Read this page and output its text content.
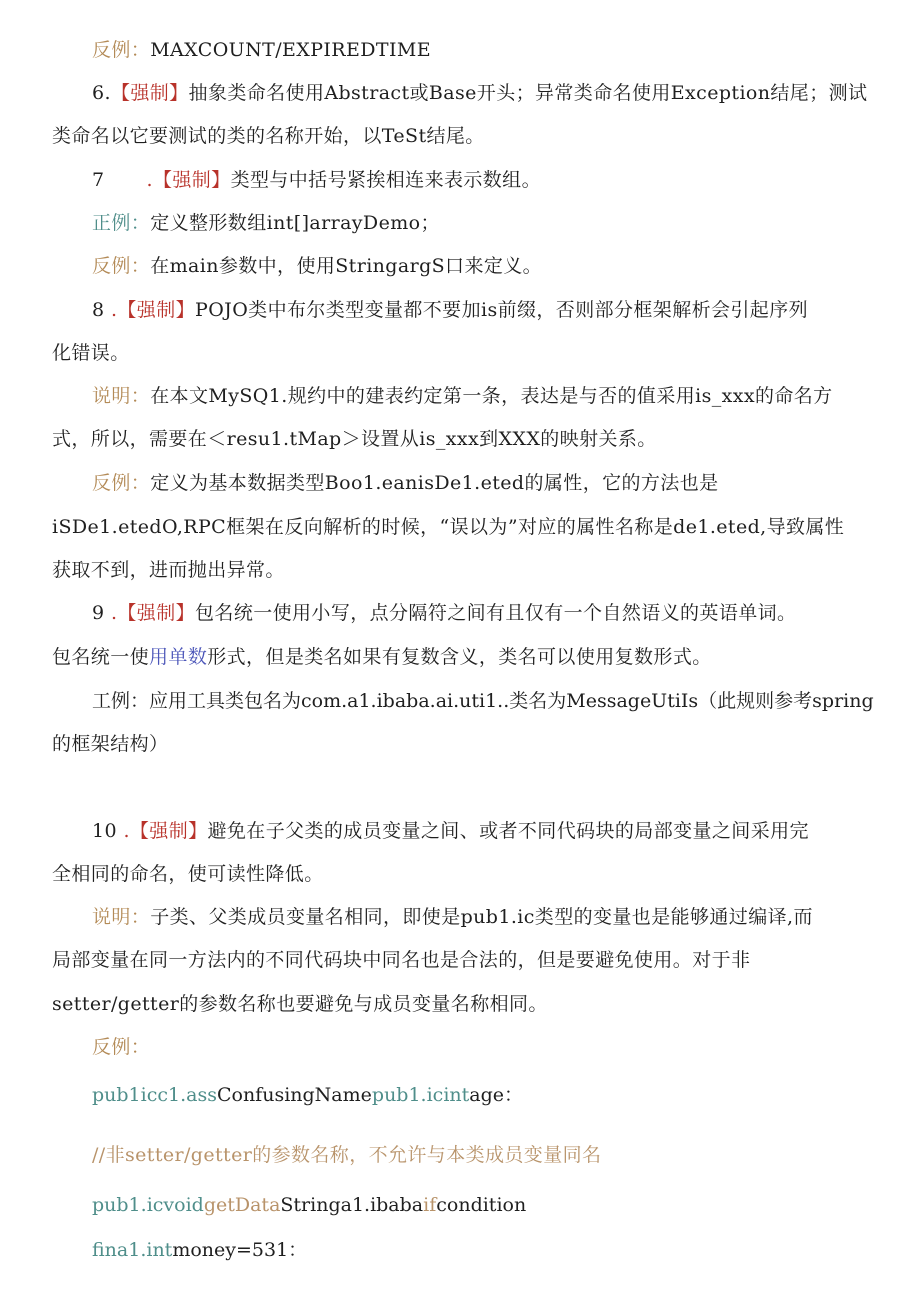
反例：MAXCOUNT/EXPIREDTIME
6.【强制】抽象类命名使用Abstract或Base开头；异常类命名使用Exception结尾；测试
类命名以它要测试的类的名称开始，以TeSt结尾。
7 .【强制】类型与中括号紧挨相连来表示数组。
正例：定义整形数组int[]arrayDemo；
反例：在main参数中，使用StringargS口来定义。
8 .【强制】POJO类中布尔类型变量都不要加is前缀，否则部分框架解析会引起序列
化错误。
说明：在本文MySQ1.规约中的建表约定第一条，表达是与否的值采用is_xxx的命名方
式，所以，需要在＜resu1.tMap＞设置从is_xxx到XXX的映射关系。
反例：定义为基本数据类型Boo1.eanisDe1.eted的属性，它的方法也是
iSDe1.etedO,RPC框架在反向解析的时候，“误以为”对应的属性名称是de1.eted,导致属性
获取不到，进而抛出异常。
9 .【强制】包名统一使用小写，点分隔符之间有且仅有一个自然语义的英语单词。
包名统一使用单数形式，但是类名如果有复数含义，类名可以使用复数形式。
工例：应用工具类包名为com.a1.ibaba.ai.uti1..类名为MessageUtiIs（此规则参考spring
的框架结构）
10 .【强制】避免在子父类的成员变量之间、或者不同代码块的局部变量之间采用完
全相同的命名，使可读性降低。
说明：子类、父类成员变量名相同，即使是pub1.ic类型的变量也是能够通过编译,而
局部变量在同一方法内的不同代码块中同名也是合法的，但是要避免使用。对于非
setter/getter的参数名称也要避免与成员变量名称相同。
反例：
pub1icc1.assConfusingNamepub1.icintage：
//非setter/getter的参数名称，不允许与本类成员变量同名
pub1.icvoidgetDataStringa1.ibabaifcondition
fina1.intmoney=531：
